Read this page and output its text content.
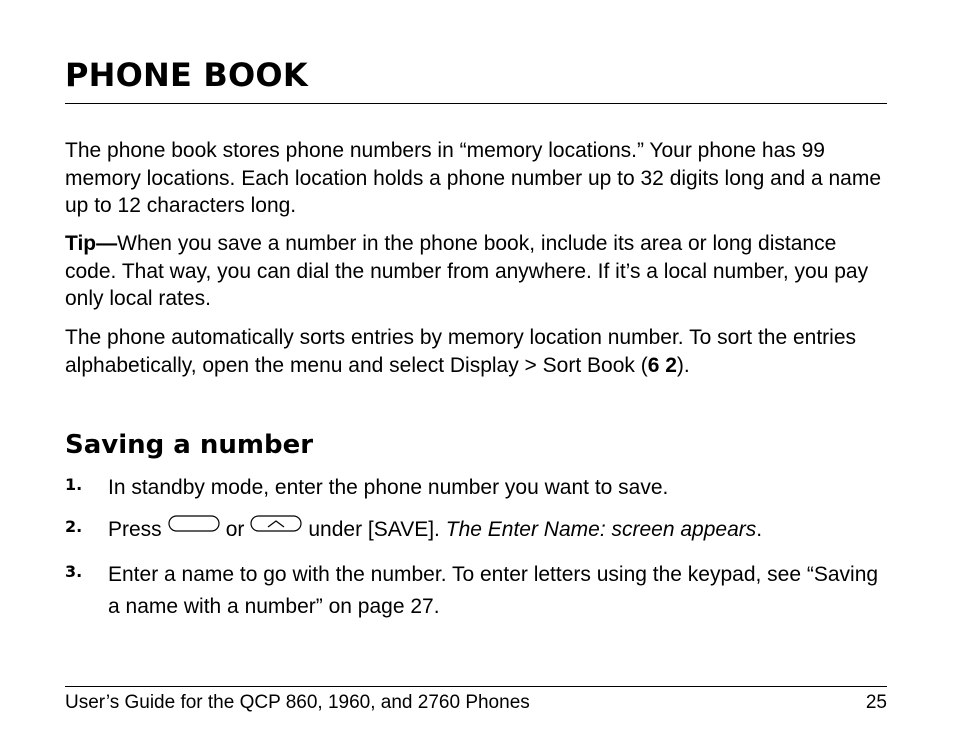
PHONE BOOK

The phone book stores phone numbers in “memory locations.” Your phone has 99 memory locations. Each location holds a phone number up to 32 digits long and a name up to 12 characters long.

Tip—When you save a number in the phone book, include its area or long distance code. That way, you can dial the number from anywhere. If it’s a local number, you pay only local rates.

The phone automatically sorts entries by memory location number. To sort the entries alphabetically, open the menu and select Display > Sort Book (6 2).

Saving a number
1. In standby mode, enter the phone number you want to save.
2. Press	or	under [SAVE]. The Enter Name: screen appears.
3. Enter a name to go with the number. To enter letters using the keypad, see “Saving a name with a number” on page 27.
User’s Guide for the QCP 860, 1960, and 2760 Phones	25
